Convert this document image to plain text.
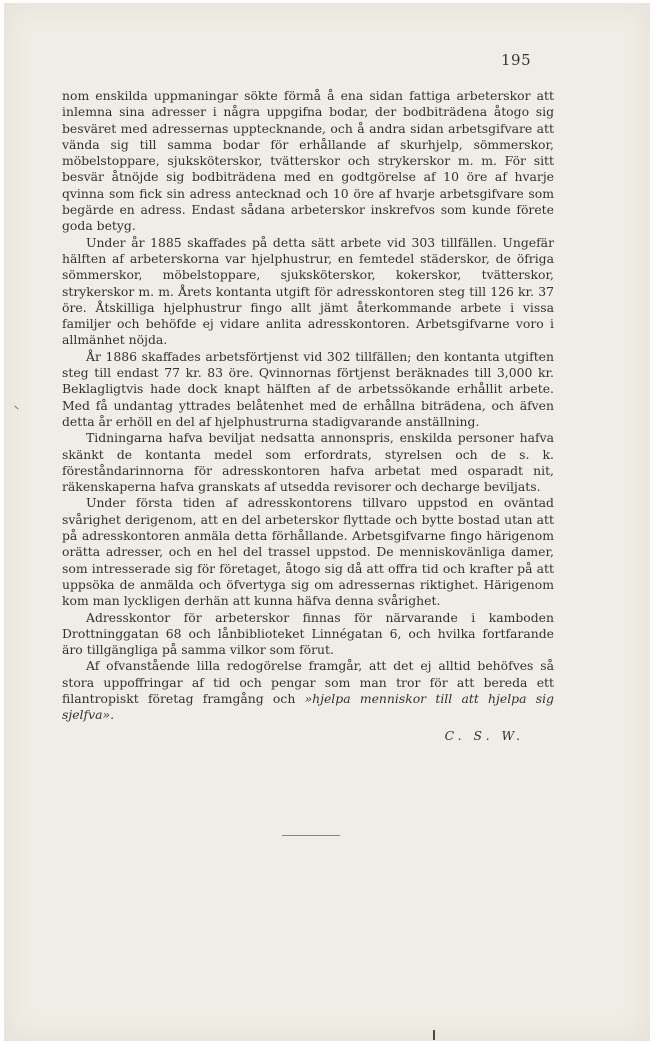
195

nom enskilda uppmaningar sökte förmå å ena sidan fattiga arbeterskor att inlemna sina adresser i några uppgifna bodar, der bodbiträdena åtogo sig besväret med adressernas upptecknande, och å andra sidan arbetsgifvare att vända sig till samma bodar för erhållande af skurhjelp, sömmerskor, möbelstoppare, sjuksköterskor, tvätterskor och strykerskor m. m. För sitt besvär åtnöjde sig bodbiträdena med en godtgörelse af 10 öre af hvarje qvinna som fick sin adress antecknad och 10 öre af hvarje arbetsgifvare som begärde en adress. Endast sådana arbeterskor inskrefvos som kunde förete goda betyg.

Under år 1885 skaffades på detta sätt arbete vid 303 tillfällen. Ungefär hälften af arbeterskorna var hjelphustrur, en femtedel städerskor, de öfriga sömmerskor, möbelstoppare, sjuksköterskor, kokerskor, tvätterskor, strykerskor m. m. Årets kontanta utgift för adresskontoren steg till 126 kr. 37 öre. Åtskilliga hjelphustrur fingo allt jämt återkommande arbete i vissa familjer och behöfde ej vidare anlita adresskontoren. Arbetsgifvarne voro i allmänhet nöjda.

År 1886 skaffades arbetsförtjenst vid 302 tillfällen; den kontanta utgiften steg till endast 77 kr. 83 öre. Qvinnornas förtjenst beräknades till 3,000 kr. Beklagligtvis hade dock knapt hälften af de arbetssökande erhållit arbete. Med få undantag yttrades belåtenhet med de erhållna biträdena, och äfven detta år erhöll en del af hjelphustrurna stadigvarande anställning.

Tidningarna hafva beviljat nedsatta annonspris, enskilda personer hafva skänkt de kontanta medel som erfordrats, styrelsen och de s. k. föreståndarinnorna för adresskontoren hafva arbetat med osparadt nit, räkenskaperna hafva granskats af utsedda revisorer och decharge beviljats.

Under första tiden af adresskontorens tillvaro uppstod en oväntad svårighet derigenom, att en del arbeterskor flyttade och bytte bostad utan att på adresskontoren anmäla detta förhållande. Arbetsgifvarne fingo härigenom orätta adresser, och en hel del trassel uppstod. De menniskovänliga damer, som intresserade sig för företaget, åtogo sig då att offra tid och krafter på att uppsöka de anmälda och öfvertyga sig om adressernas riktighet. Härigenom kom man lyckligen derhän att kunna häfva denna svårighet.

Adresskontor för arbeterskor finnas för närvarande i kamboden Drottninggatan 68 och lånbiblioteket Linnégatan 6, och hvilka fortfarande äro tillgängliga på samma vilkor som förut.

Af ofvanstående lilla redogörelse framgår, att det ej alltid behöfves så stora uppoffringar af tid och pengar som man tror för att bereda ett filantropiskt företag framgång och »hjelpa menniskor till att hjelpa sig sjelfva».

C. S. W.
